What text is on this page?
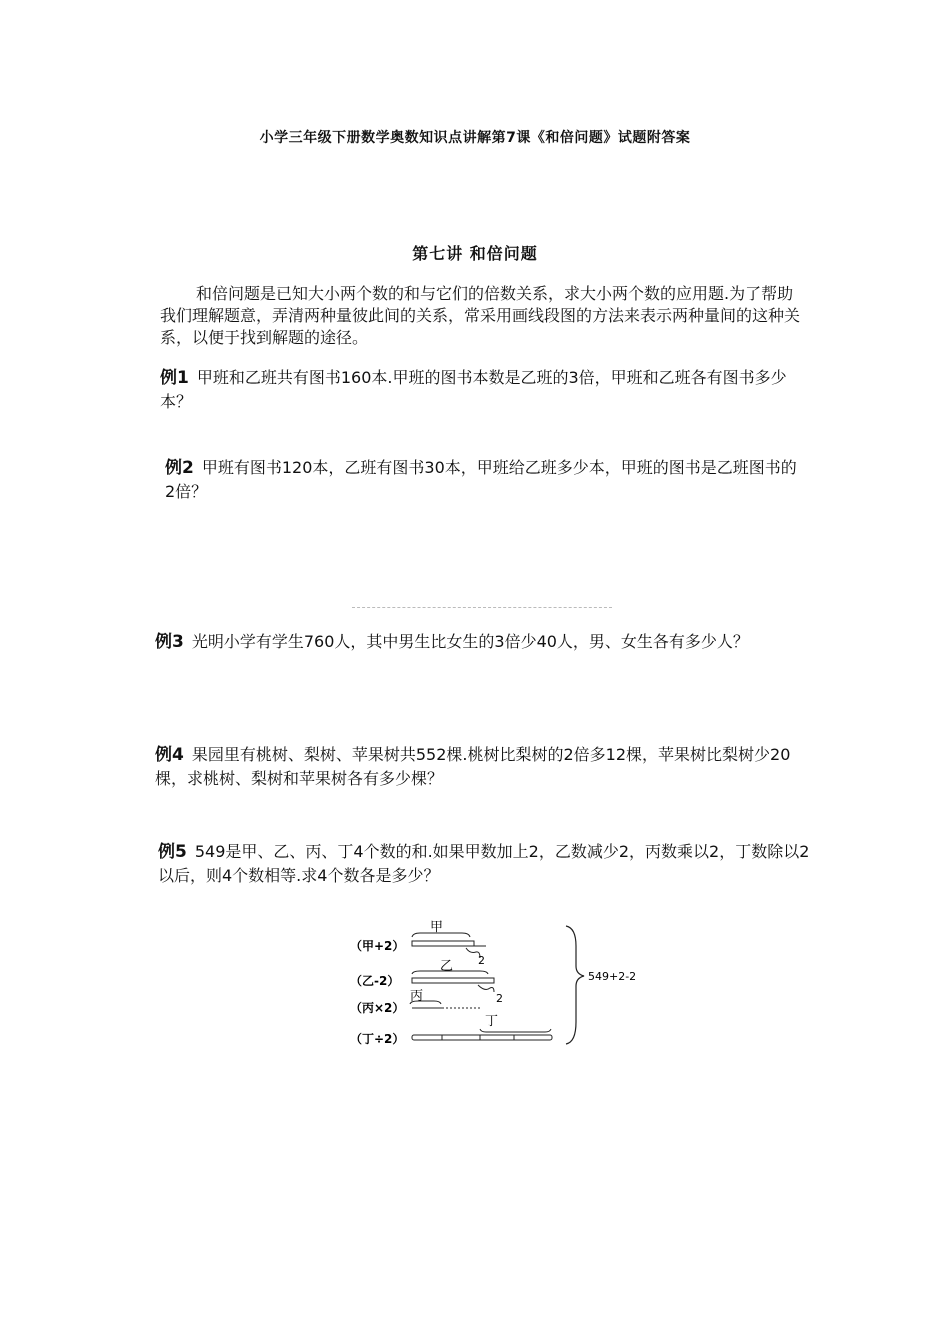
小学三年级下册数学奥数知识点讲解第7课《和倍问题》试题附答案
第七讲 和倍问题
和倍问题是已知大小两个数的和与它们的倍数关系，求大小两个数的应用题.为了帮助我们理解题意，弄清两种量彼此间的关系，常采用画线段图的方法来表示两种量间的这种关系，以便于找到解题的途径。
例1 甲班和乙班共有图书160本.甲班的图书本数是乙班的3倍，甲班和乙班各有图书多少本？
例2 甲班有图书120本，乙班有图书30本，甲班给乙班多少本，甲班的图书是乙班图书的2倍？
例3 光明小学有学生760人，其中男生比女生的3倍少40人，男、女生各有多少人？
例4 果园里有桃树、梨树、苹果树共552棵.桃树比梨树的2倍多12棵，苹果树比梨树少20棵，求桃树、梨树和苹果树各有多少棵？
例5 549是甲、乙、丙、丁4个数的和.如果甲数加上2，乙数减少2，丙数乘以2，丁数除以2以后，则4个数相等.求4个数各是多少？
（甲+2）
（乙-2）
（丙×2）
（丁÷2）
甲
2
乙
2
丙
丁
549+2-2
